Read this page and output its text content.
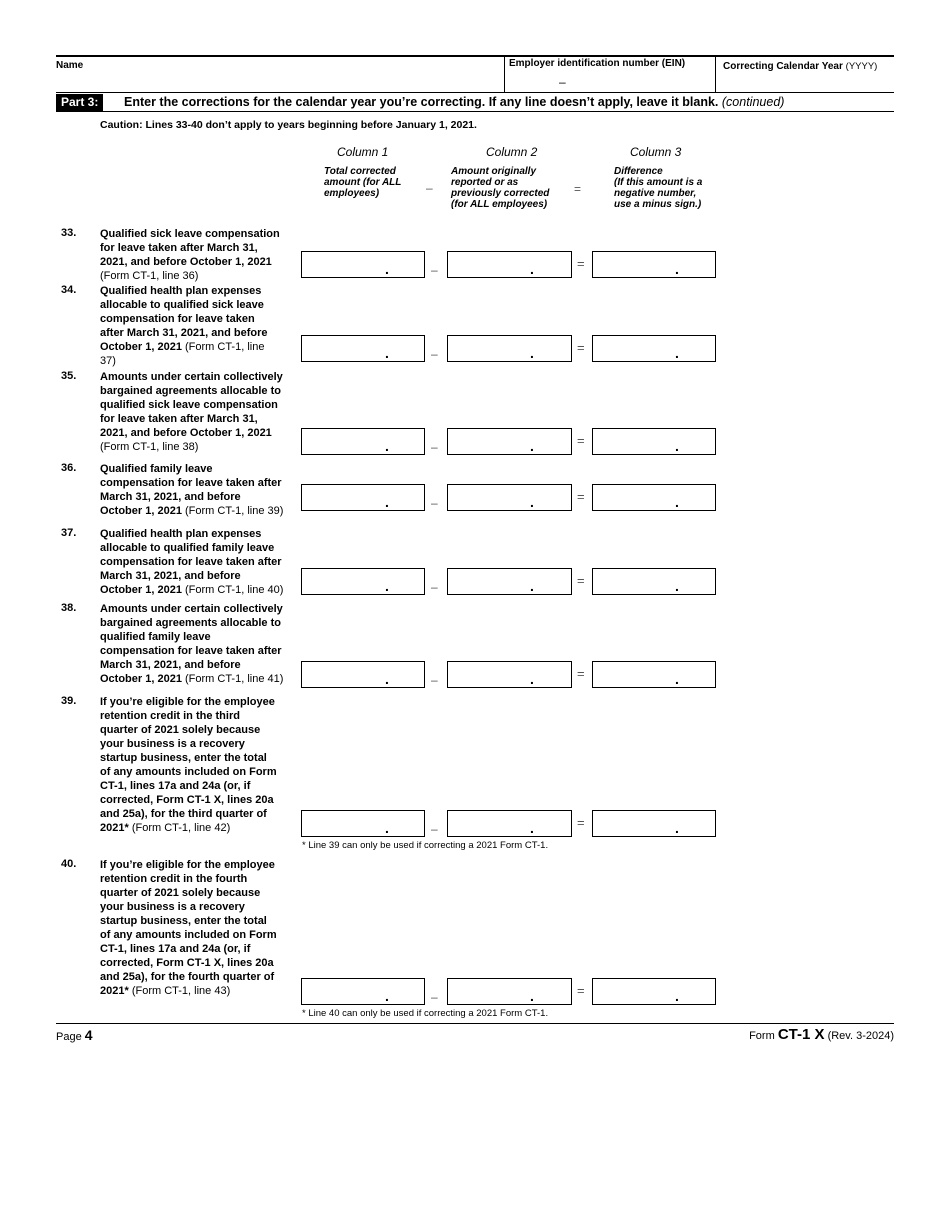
Name	Employer identification number (EIN)
–
Correcting Calendar Year (YYYY)
Part 3:	Enter the corrections for the calendar year you’re correcting. If any line doesn’t apply, leave it blank. (continued)
Caution: Lines 33-40 don’t apply to years beginning before January 1, 2021.
Column 1	Column 2	Column 3
Total corrected
amount (for ALL
employees)	–
Amount originally
reported or as
previously corrected
(for ALL employees)
=
Difference
(If this amount is a
negative number,
use a minus sign.)
33. Qualified sick leave compensation
for leave taken after March 31,
2021, and before October 1, 2021
(Form CT-1, line 36)	.	.	.
–	=
34. Qualified health plan expenses
allocable to qualified sick leave
compensation for leave taken
after March 31, 2021, and before
October 1, 2021 (Form CT-1, line
37)	.	.	.
–	=
35. Amounts under certain collectively
bargained agreements allocable to
qualified sick leave compensation
for leave taken after March 31,
2021, and before October 1, 2021
(Form CT-1, line 38)	.	.	.
–	=
36. Qualified family leave
compensation for leave taken after
March 31, 2021, and before
October 1, 2021 (Form CT-1, line 39)
.	.	.
–	=
37. Qualified health plan expenses
allocable to qualified family leave
compensation for leave taken after
March 31, 2021, and before
October 1, 2021 (Form CT-1, line 40)	.	.	.
–	=
38. Amounts under certain collectively
bargained agreements allocable to
qualified family leave
compensation for leave taken after
March 31, 2021, and before
October 1, 2021 (Form CT-1, line 41)	.	.	.
–	=
39. If you’re eligible for the employee
retention credit in the third
quarter of 2021 solely because
your business is a recovery
startup business, enter the total
of any amounts included on Form
CT-1, lines 17a and 24a (or, if
corrected, Form CT-1 X, lines 20a
and 25a), for the third quarter of
2021* (Form CT-1, line 42)	.	.	.
–	=
* Line 39 can only be used if correcting a 2021 Form CT-1.
40. If you’re eligible for the employee
retention credit in the fourth
quarter of 2021 solely because
your business is a recovery
startup business, enter the total
of any amounts included on Form
CT-1, lines 17a and 24a (or, if
corrected, Form CT-1 X, lines 20a
and 25a), for the fourth quarter of
2021* (Form CT-1, line 43)	.	.	.
–	=
* Line 40 can only be used if correcting a 2021 Form CT-1.
Page 4	Form CT-1 X (Rev. 3-2024)
